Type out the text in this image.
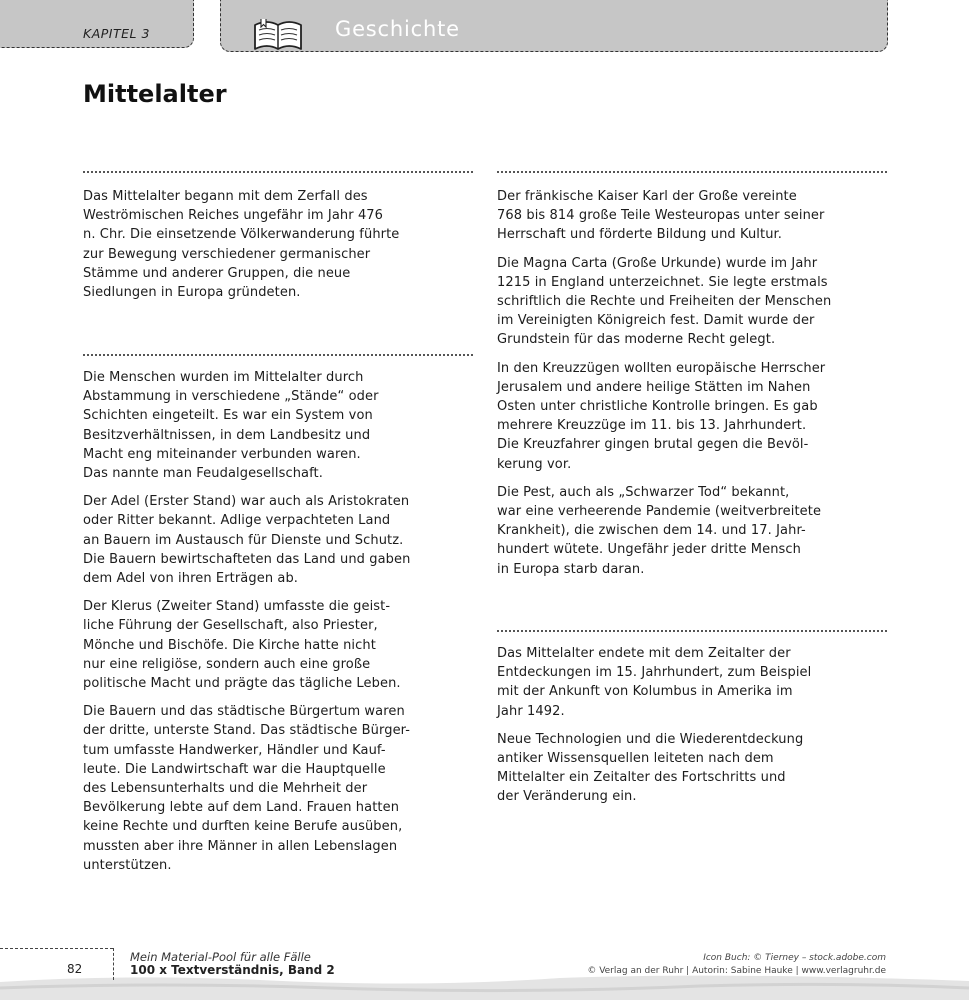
KAPITEL 3	Geschichte
Mittelalter

Das Mittelalter begann mit dem Zerfall des
Weströmischen Reiches ungefähr im Jahr 476
n. Chr. Die einsetzende Völkerwanderung führte
zur Bewegung verschiedener germanischer
Stämme und anderer Gruppen, die neue
Siedlungen in Europa gründeten.

Die Menschen wurden im Mittelalter durch
Abstammung in verschiedene „Stände“ oder
Schichten eingeteilt. Es war ein System von
Besitzverhältnissen, in dem Landbesitz und
Macht eng miteinander verbunden waren.
Das nannte man Feudalgesellschaft.

Der Adel (Erster Stand) war auch als Aristokraten
oder Ritter bekannt. Adlige verpachteten Land
an Bauern im Austausch für Dienste und Schutz.
Die Bauern bewirtschafteten das Land und gaben
dem Adel von ihren Erträgen ab.

Der Klerus (Zweiter Stand) umfasste die geist-
liche Führung der Gesellschaft, also Priester,
Mönche und Bischöfe. Die Kirche hatte nicht
nur eine religiöse, sondern auch eine große
politische Macht und prägte das tägliche Leben.

Die Bauern und das städtische Bürgertum waren
der dritte, unterste Stand. Das städtische Bürger-
tum umfasste Handwerker, Händler und Kauf-
leute. Die Landwirtschaft war die Hauptquelle
des Lebensunterhalts und die Mehrheit der
Bevölkerung lebte auf dem Land. Frauen hatten
keine Rechte und durften keine Berufe ausüben,
mussten aber ihre Männer in allen Lebenslagen
unterstützen.

Der fränkische Kaiser Karl der Große vereinte
768 bis 814 große Teile Westeuropas unter seiner
Herrschaft und förderte Bildung und Kultur.

Die Magna Carta (Große Urkunde) wurde im Jahr
1215 in England unterzeichnet. Sie legte erstmals
schriftlich die Rechte und Freiheiten der Menschen
im Vereinigten Königreich fest. Damit wurde der
Grundstein für das moderne Recht gelegt.

In den Kreuzzügen wollten europäische Herrscher
Jerusalem und andere heilige Stätten im Nahen
Osten unter christliche Kontrolle bringen. Es gab
mehrere Kreuzzüge im 11. bis 13. Jahrhundert.
Die Kreuzfahrer gingen brutal gegen die Bevöl-
kerung vor.

Die Pest, auch als „Schwarzer Tod“ bekannt,
war eine verheerende Pandemie (weitverbreitete
Krankheit), die zwischen dem 14. und 17. Jahr-
hundert wütete. Ungefähr jeder dritte Mensch
in Europa starb daran.

Das Mittelalter endete mit dem Zeitalter der
Entdeckungen im 15. Jahrhundert, zum Beispiel
mit der Ankunft von Kolumbus in Amerika im
Jahr 1492.

Neue Technologien und die Wiederentdeckung
antiker Wissensquellen leiteten nach dem
Mittelalter ein Zeitalter des Fortschritts und
der Veränderung ein.

82
Mein Material-Pool für alle Fälle
100 x Textverständnis, Band 2
Icon Buch: © Tierney – stock.adobe.com
© Verlag an der Ruhr | Autorin: Sabine Hauke | www.verlagruhr.de
